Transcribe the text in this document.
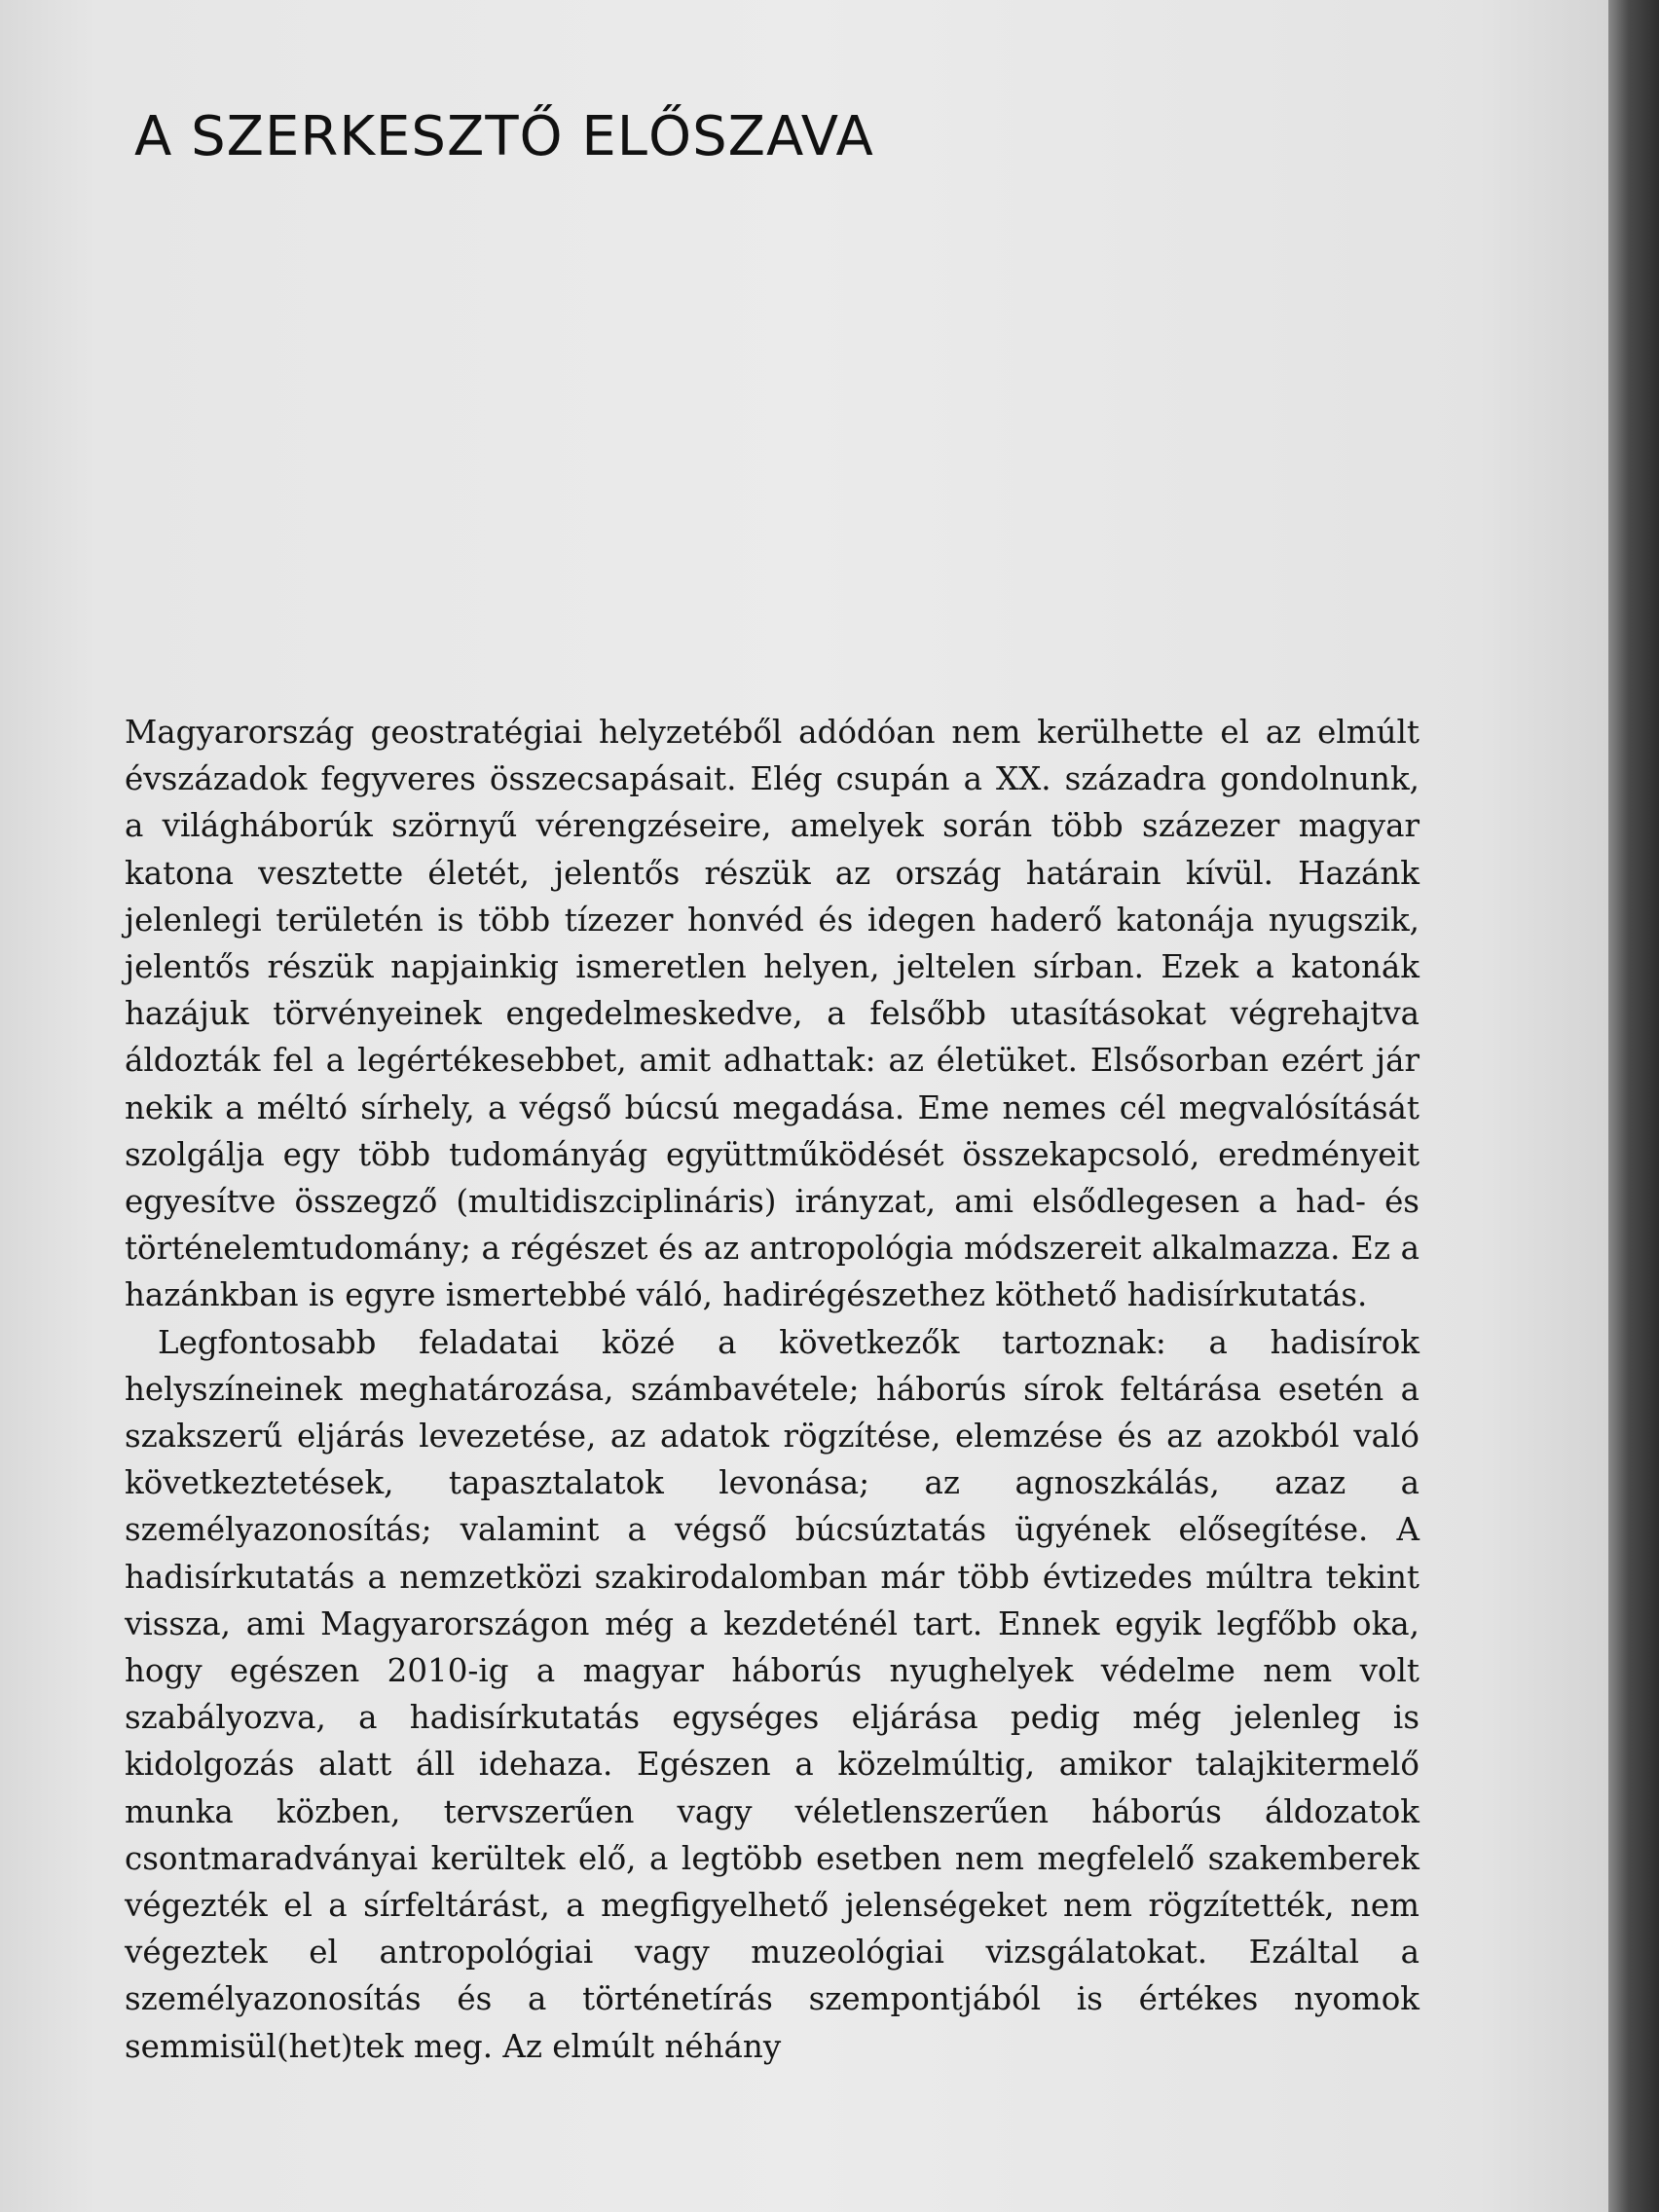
A SZERKESZTŐ ELŐSZAVA

Magyarország geostratégiai helyzetéből adódóan nem kerülhette el az elmúlt évszázadok fegyveres összecsapásait. Elég csupán a XX. századra gondolnunk, a világháborúk szörnyű vérengzéseire, amelyek során több százezer magyar katona vesztette életét, jelentős részük az ország határain kívül. Hazánk jelenlegi területén is több tízezer honvéd és idegen haderő katonája nyugszik, jelentős részük napjainkig ismeretlen helyen, jeltelen sírban. Ezek a katonák hazájuk törvényeinek engedelmeskedve, a felsőbb utasításokat végrehajtva áldozták fel a legértékesebbet, amit adhattak: az életüket. Elsősorban ezért jár nekik a méltó sírhely, a végső búcsú megadása. Eme nemes cél megvalósítását szolgálja egy több tudományág együttműködését összekapcsoló, eredményeit egyesítve összegző (multidiszciplináris) irányzat, ami elsődlegesen a had- és történelemtudomány; a régészet és az antropológia módszereit alkalmazza. Ez a hazánkban is egyre ismertebbé váló, hadirégészethez köthető hadisírkutatás.

Legfontosabb feladatai közé a következők tartoznak: a hadisírok helyszíneinek meghatározása, számbavétele; háborús sírok feltárása esetén a szakszerű eljárás levezetése, az adatok rögzítése, elemzése és az azokból való következtetések, tapasztalatok levonása; az agnoszkálás, azaz a személyazonosítás; valamint a végső búcsúztatás ügyének elősegítése. A hadisírkutatás a nemzetközi szakirodalomban már több évtizedes múltra tekint vissza, ami Magyarországon még a kezdeténél tart. Ennek egyik legfőbb oka, hogy egészen 2010-ig a magyar háborús nyughelyek védelme nem volt szabályozva, a hadisírkutatás egységes eljárása pedig még jelenleg is kidolgozás alatt áll idehaza. Egészen a közelmúltig, amikor talajkitermelő munka közben, tervszerűen vagy véletlenszerűen háborús áldozatok csontmaradványai kerültek elő, a legtöbb esetben nem megfelelő szakemberek végezték el a sírfeltárást, a megfigyelhető jelenségeket nem rögzítették, nem végeztek el antropológiai vagy muzeológiai vizsgálatokat. Ezáltal a személyazonosítás és a történetírás szempontjából is értékes nyomok semmisül(het)tek meg. Az elmúlt néhány
